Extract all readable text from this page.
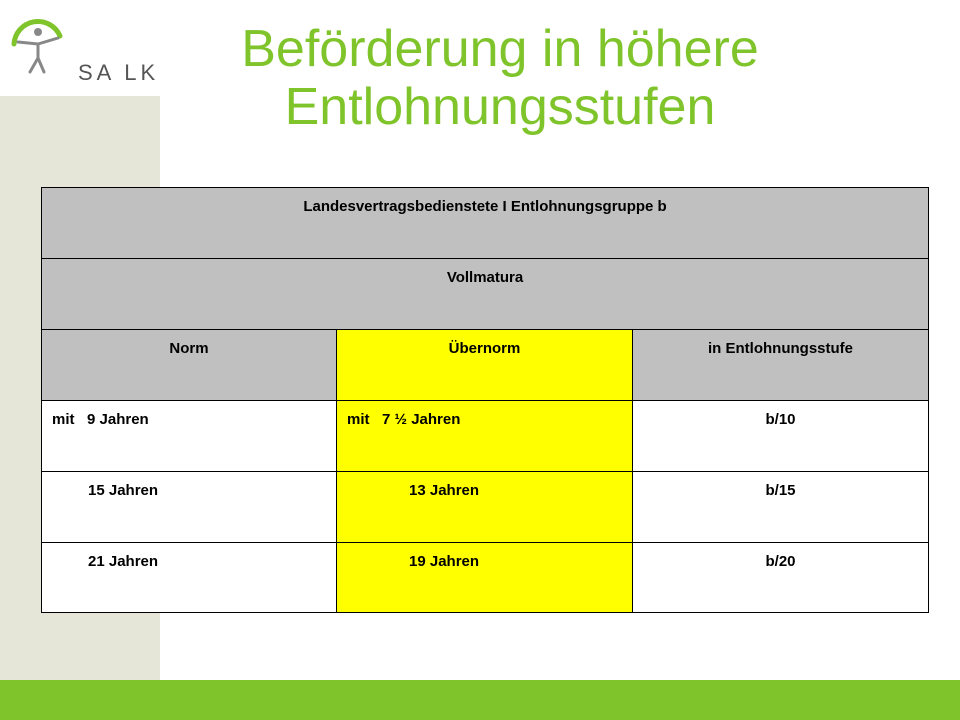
SA LK	Beförderung in höhere
Entlohnungsstufen
Landesvertragsbedienstete I Entlohnungsgruppe b		
Vollmatura		
Norm	Übernorm	in Entlohnungsstufe
mit   9 Jahren	mit   7 ½ Jahren	b/10
15 Jahren	13 Jahren	b/15
21 Jahren	19 Jahren	b/20
